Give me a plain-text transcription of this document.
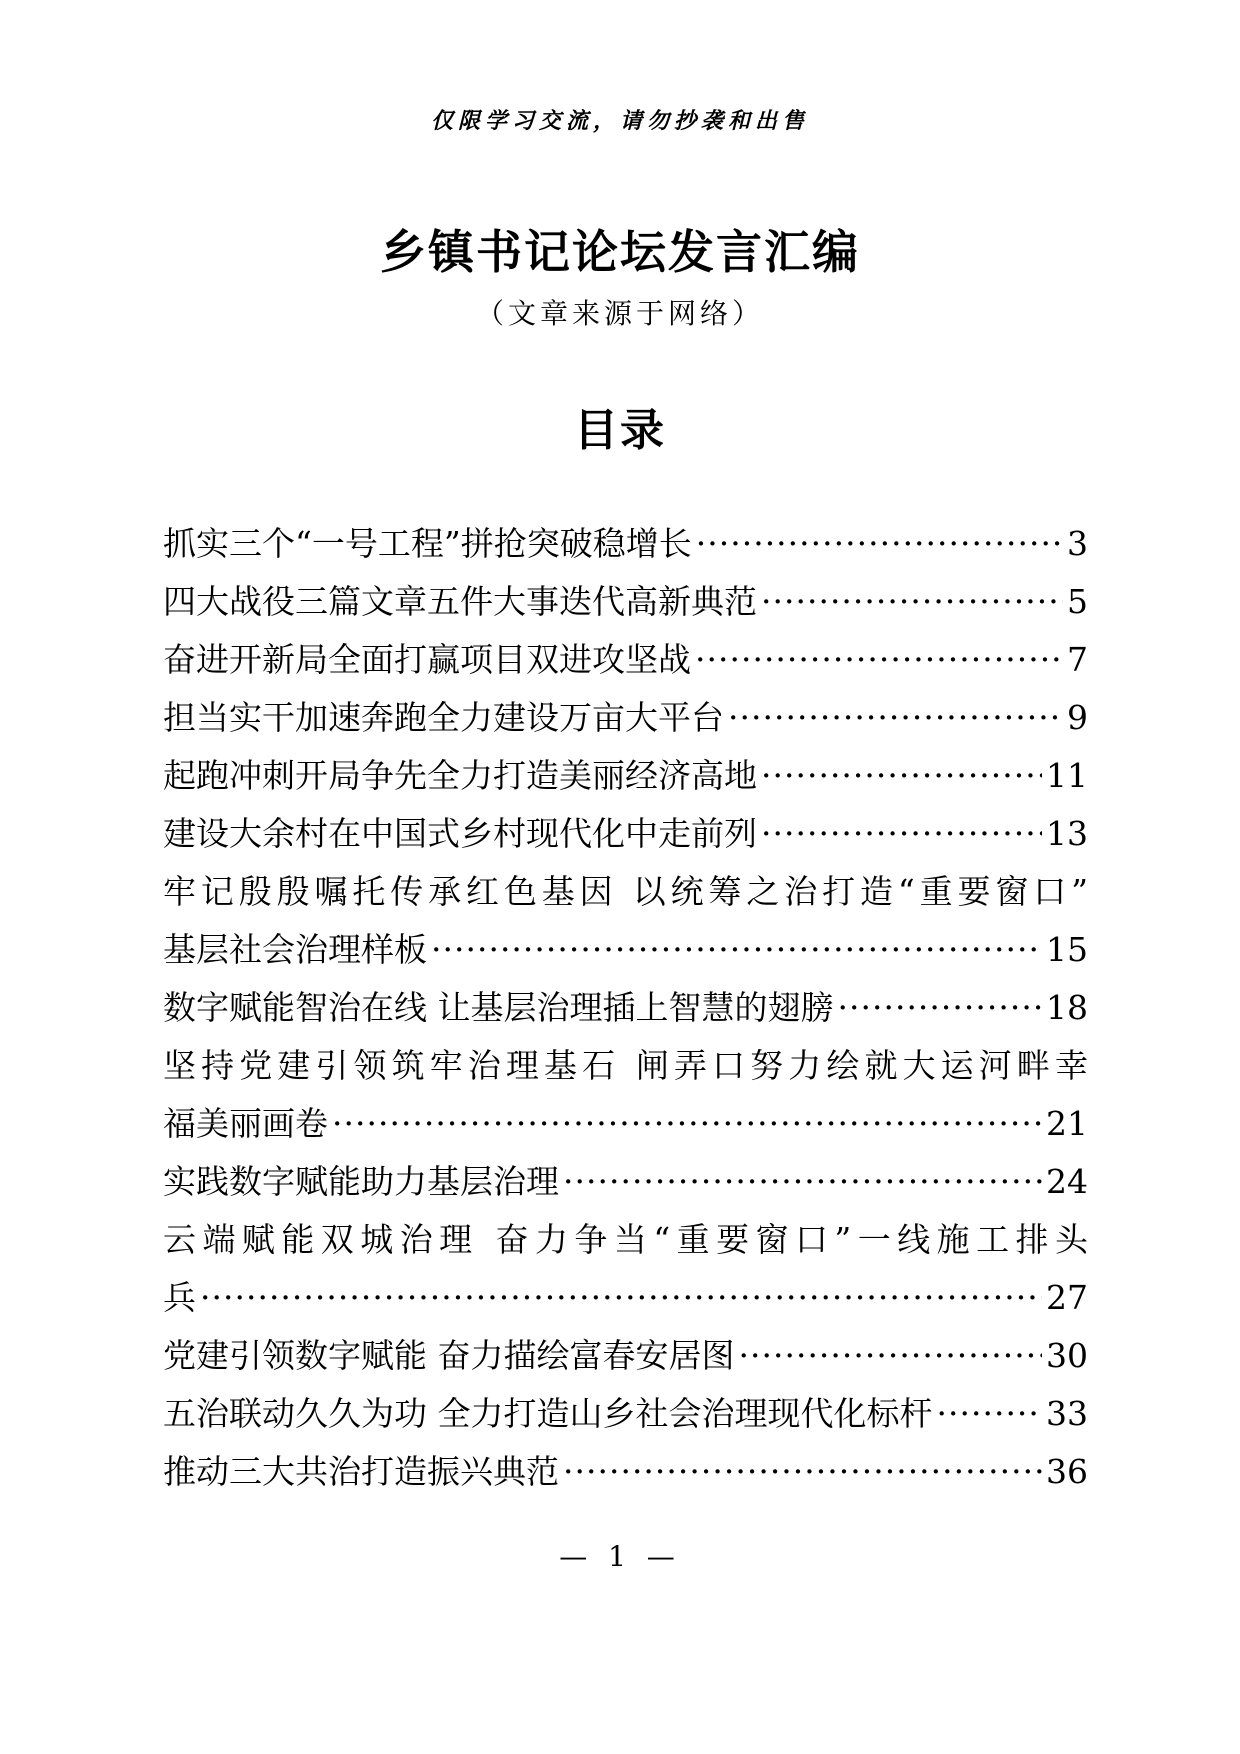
仅限学习交流，请勿抄袭和出售
乡镇书记论坛发言汇编
（文章来源于网络）
目录
抓实三个“一号工程”拼抢突破稳增长 ·····	3
四大战役三篇文章五件大事迭代高新典范 ·····	5
奋进开新局全面打赢项目双进攻坚战 ·····	7
担当实干加速奔跑全力建设万亩大平台 ·····	9
起跑冲刺开局争先全力打造美丽经济高地 ·····	11
建设大余村在中国式乡村现代化中走前列 ·····	13
牢记殷殷嘱托传承红色基因 以统筹之治打造“重要窗口”
基层社会治理样板 ·····	15
数字赋能智治在线 让基层治理插上智慧的翅膀 ·····	18
坚持党建引领筑牢治理基石 闸弄口努力绘就大运河畔幸
福美丽画卷 ·····	21
实践数字赋能助力基层治理 ·····	24
云端赋能双城治理 奋力争当“重要窗口”一线施工排头
兵 ·····	27
党建引领数字赋能 奋力描绘富春安居图 ·····	30
五治联动久久为功 全力打造山乡社会治理现代化标杆 ·····	33
推动三大共治打造振兴典范 ·····	36
— 1 —
